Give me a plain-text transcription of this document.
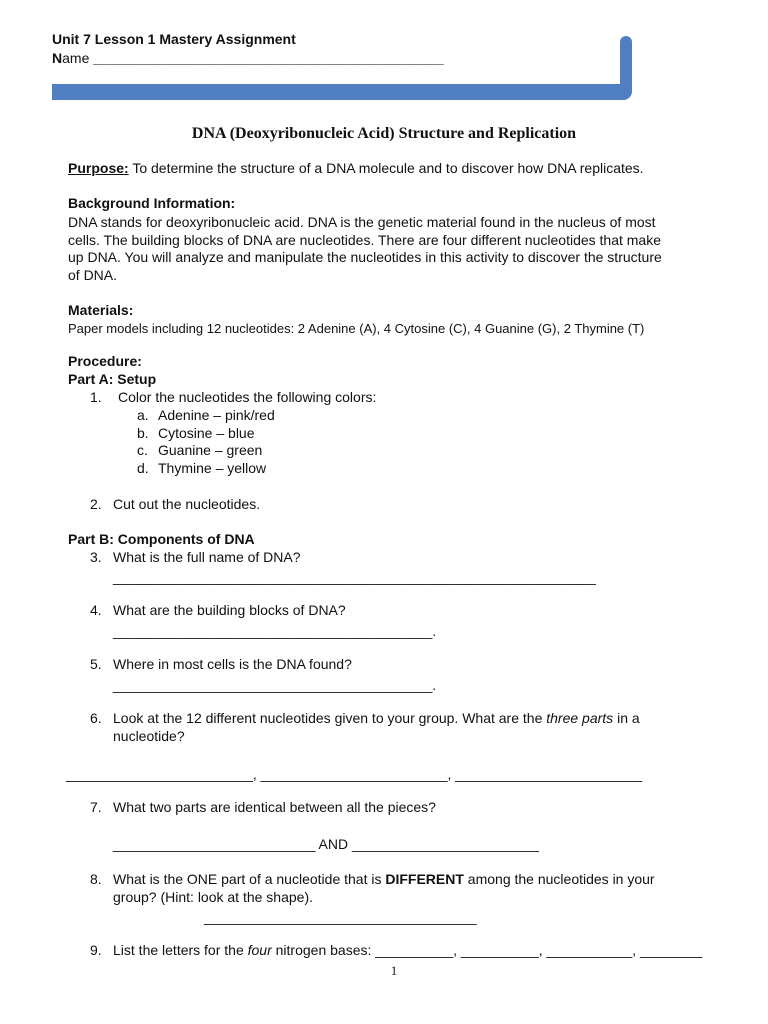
Unit 7 Lesson 1 Mastery Assignment
Name _____________________________________________
DNA (Deoxyribonucleic Acid) Structure and Replication
Purpose: To determine the structure of a DNA molecule and to discover how DNA replicates.
Background Information:
DNA stands for deoxyribonucleic acid. DNA is the genetic material found in the nucleus of most
cells. The building blocks of DNA are nucleotides. There are four different nucleotides that make
up DNA. You will analyze and manipulate the nucleotides in this activity to discover the structure
of DNA.
Materials:
Paper models including 12 nucleotides: 2 Adenine (A), 4 Cytosine (C), 4 Guanine (G), 2 Thymine (T)
Procedure:
Part A: Setup
1. Color the nucleotides the following colors:
a. Adenine – pink/red
b. Cytosine – blue
c. Guanine – green
d. Thymine – yellow
2. Cut out the nucleotides.
Part B: Components of DNA
3. What is the full name of DNA?
______________________________________________________________
4. What are the building blocks of DNA?
_________________________________________.
5. Where in most cells is the DNA found?
_________________________________________.
6. Look at the 12 different nucleotides given to your group. What are the three parts in a
nucleotide?
________________________, ________________________, ________________________
7. What two parts are identical between all the pieces?
__________________________ AND ________________________
8. What is the ONE part of a nucleotide that is DIFFERENT among the nucleotides in your
group? (Hint: look at the shape).
___________________________________
9. List the letters for the four nitrogen bases: __________, __________, ___________, ________
1
